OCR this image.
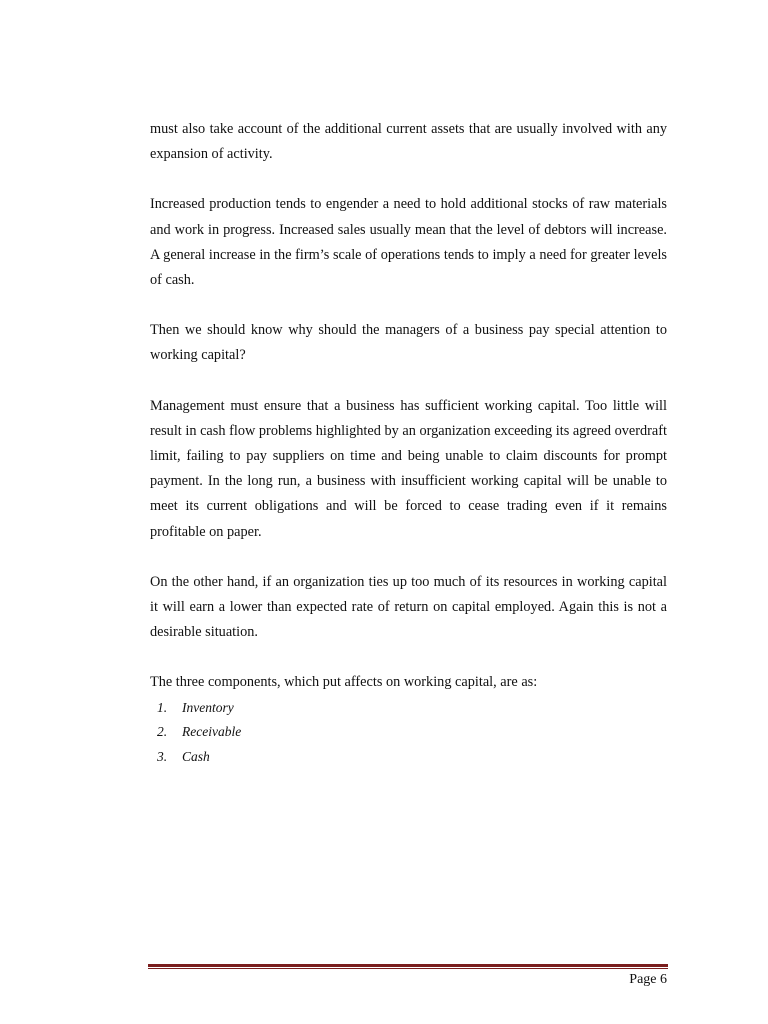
must also take account of the additional current assets that are usually involved with any expansion of activity.

Increased production tends to engender a need to hold additional stocks of raw materials and work in progress. Increased sales usually mean that the level of debtors will increase. A general increase in the firm’s scale of operations tends to imply a need for greater levels of cash.

Then we should know why should the managers of a business pay special attention to working capital?

Management must ensure that a business has sufficient working capital. Too little will result in cash flow problems highlighted by an organization exceeding its agreed overdraft limit, failing to pay suppliers on time and being unable to claim discounts for prompt payment. In the long run, a business with insufficient working capital will be unable to meet its current obligations and will be forced to cease trading even if it remains profitable on paper.

On the other hand, if an organization ties up too much of its resources in working capital it will earn a lower than expected rate of return on capital employed. Again this is not a desirable situation.

The three components, which put affects on working capital, are as:

1. Inventory
2. Receivable
3. Cash
Page 6
